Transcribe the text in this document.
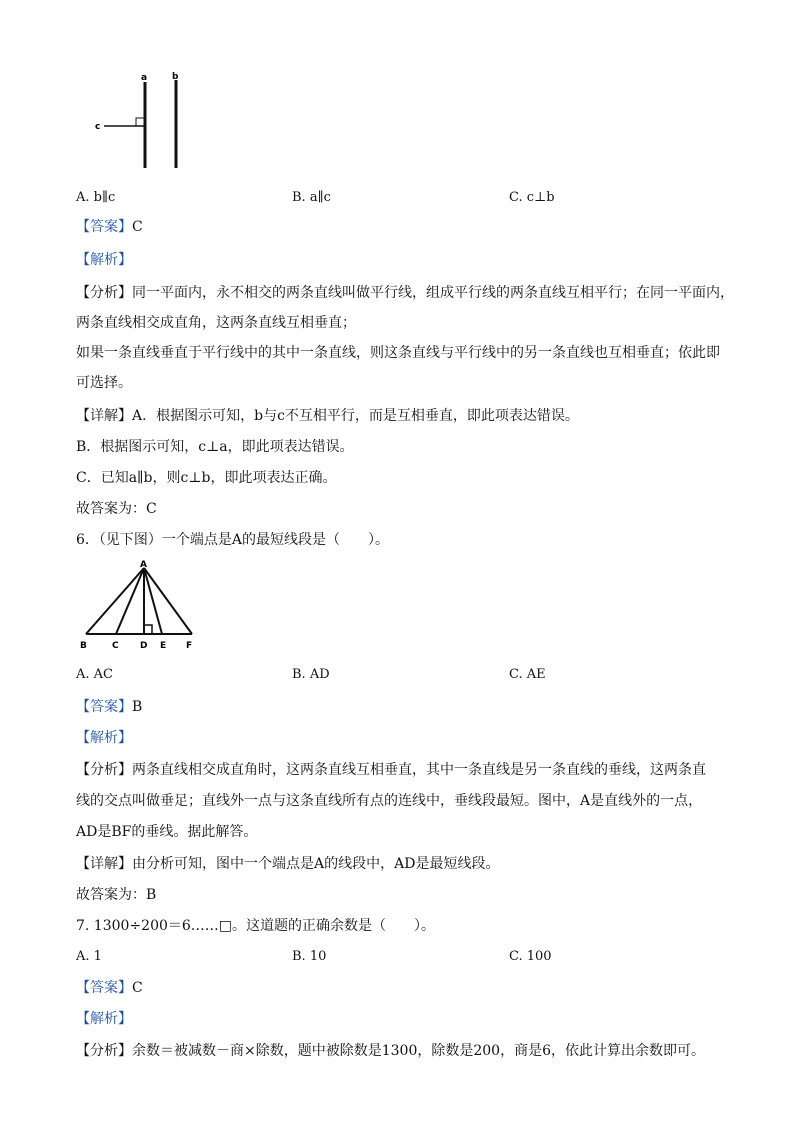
a	b
c
A. b∥c	B. a∥c	C. c⊥b
【答案】C
【解析】
【分析】同一平面内，永不相交的两条直线叫做平行线，组成平行线的两条直线互相平行；在同一平面内，
两条直线相交成直角，这两条直线互相垂直；
如果一条直线垂直于平行线中的其中一条直线，则这条直线与平行线中的另一条直线也互相垂直；依此即
可选择。
【详解】A．根据图示可知，b与c不互相平行，而是互相垂直，即此项表达错误。
B．根据图示可知，c⊥a，即此项表达错误。
C．已知a∥b，则c⊥b，即此项表达正确。
故答案为：C
6．（见下图）一个端点是A的最短线段是（　　）。
A
B	C D E F
A. AC	B. AD	C. AE
【答案】B
【解析】
【分析】两条直线相交成直角时，这两条直线互相垂直，其中一条直线是另一条直线的垂线，这两条直
线的交点叫做垂足；直线外一点与这条直线所有点的连线中，垂线段最短。图中，A是直线外的一点，
AD是BF的垂线。据此解答。
【详解】由分析可知，图中一个端点是A的线段中，AD是最短线段。
故答案为：B
7. 1300÷200＝6……□。这道题的正确余数是（　　）。
A. 1	B. 10	C. 100
【答案】C
【解析】
【分析】余数＝被减数－商×除数，题中被除数是1300，除数是200，商是6，依此计算出余数即可。
